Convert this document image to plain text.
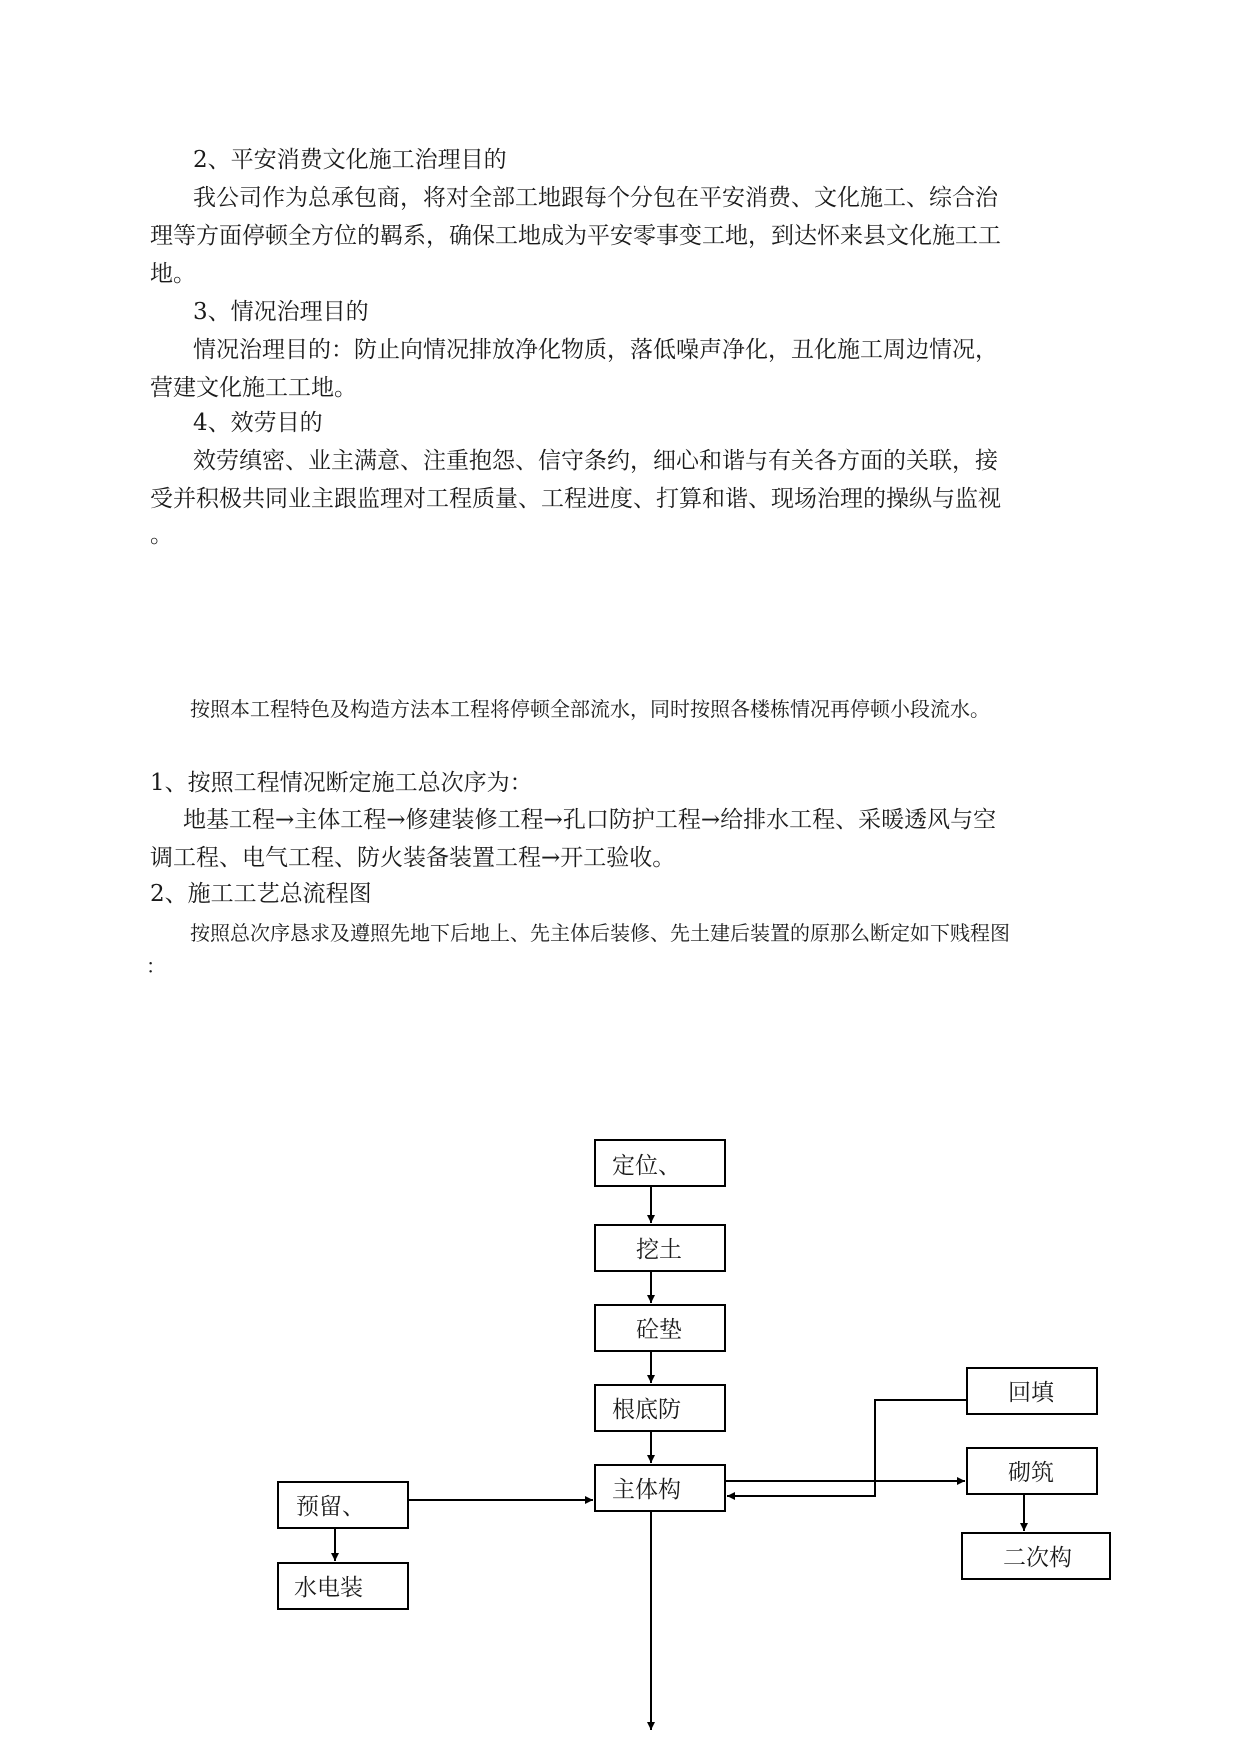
2、平安消费文化施工治理目的
我公司作为总承包商，将对全部工地跟每个分包在平安消费、文化施工、综合治
理等方面停顿全方位的羁系，确保工地成为平安零事变工地，到达怀来县文化施工工
地。
3、情况治理目的
情况治理目的：防止向情况排放净化物质，落低噪声净化，丑化施工周边情况，
营建文化施工工地。
4、效劳目的
效劳缜密、业主满意、注重抱怨、信守条约，细心和谐与有关各方面的关联，接
受并积极共同业主跟监理对工程质量、工程进度、打算和谐、现场治理的操纵与监视
。
按照本工程特色及构造方法本工程将停顿全部流水，同时按照各楼栋情况再停顿小段流水。
1、按照工程情况断定施工总次序为：
地基工程→主体工程→修建装修工程→孔口防护工程→给排水工程、采暖透风与空
调工程、电气工程、防火装备装置工程→开工验收。
2、施工工艺总流程图
按照总次序恳求及遵照先地下后地上、先主体后装修、先土建后装置的原那么断定如下贱程图
：
定位、
挖土
砼垫
根底防
主体构
预留、
水电装
回填
砌筑
二次构
